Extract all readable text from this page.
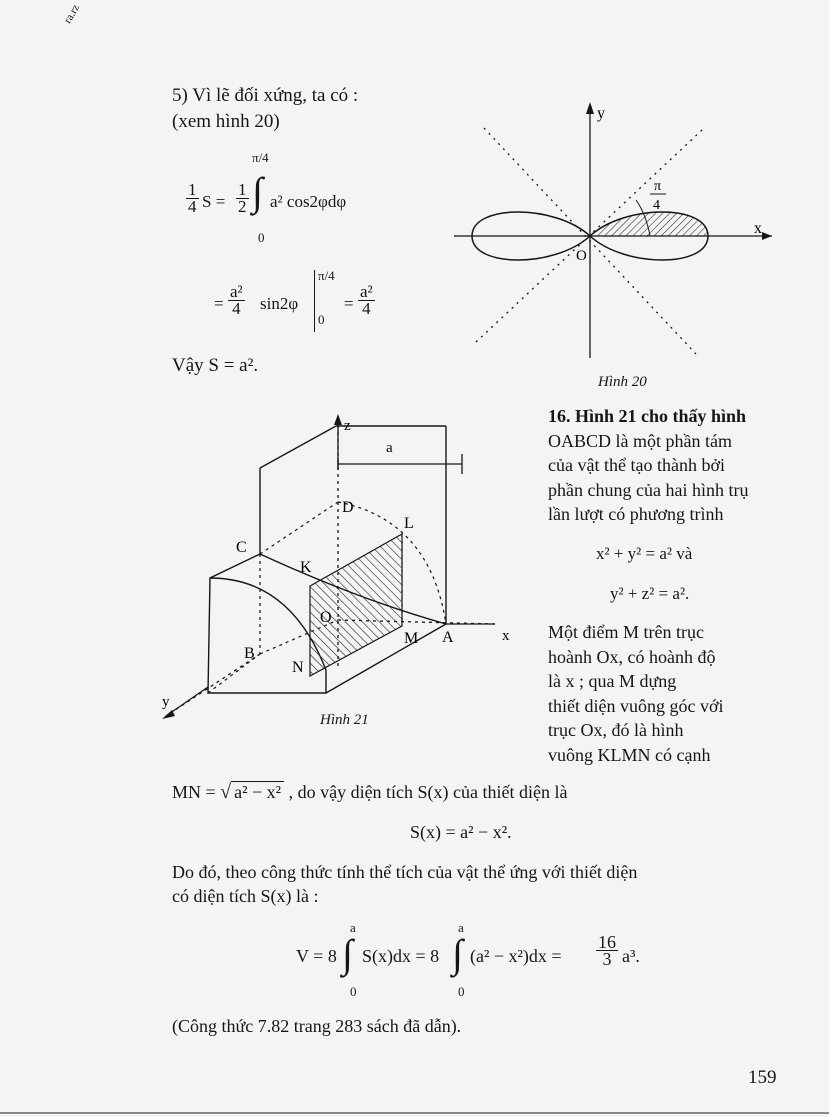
ra.rz
5) Vì lẽ đối xứng, ta có :
(xem hình 20)
$\frac{1}{4}$ $S = \frac{1}{2}$
π/4
∫
0
a² cos2φdφ
= $\frac{\text{a²}}{4} \sin 2\varphi$
π/4
0
= $\frac{\text{a²}}{4}$
Vậy S = a².
y
x
O
π
4
Hình 20
z
a
D
L
C
K
O
M A	x
B
N
y
Hình 21

16. Hình 21 cho thấy hình

OABCD là một phần tám

của vật thể tạo thành bởi

phần chung của hai hình trụ

lần lượt có phương trình

x² + y² = a² và
y² + z² = a².

Một điểm M trên trục

hoành Ox, có hoành độ

là x ; qua M dựng

thiết diện vuông góc với

trục Ox, đó là hình

vuông KLMN có cạnh

MN = √ a² − x² , do vậy diện tích S(x) của thiết diện là
S(x) = a² − x².
Do đó, theo công thức tính thể tích của vật thể ứng với thiết diện
có diện tích S(x) là :
V = 8
a
∫
0
S(x)dx = 8
a
∫
0
$(a^2 - x^2)dx = \frac{16}{3} a^3$.
(Công thức 7.82 trang 283 sách đã dẫn).
159
